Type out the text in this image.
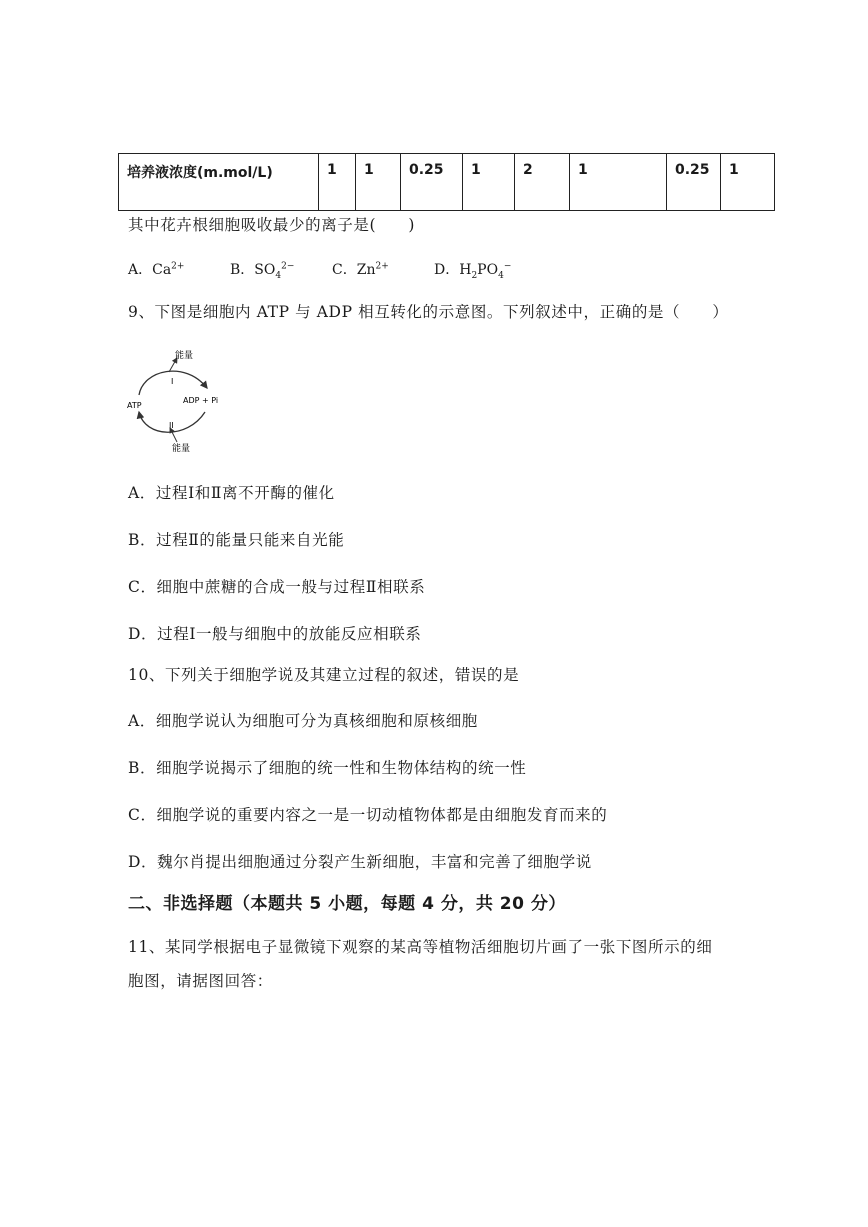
培养液浓度(m.mol/L)	1	1	0.25	1	2	1	0.25	1
其中花卉根细胞吸收最少的离子是(　　)
A．$Ca^{2+}$	B．$SO_4^{2-}$	C．$Zn^{2+}$	D．$H_2PO_4^-$
9、下图是细胞内 ATP 与 ADP 相互转化的示意图。下列叙述中，正确的是（　　）
能量
能量
ATP
ADP + Pi
I
II
A．过程Ⅰ和Ⅱ离不开酶的催化
B．过程Ⅱ的能量只能来自光能
C．细胞中蔗糖的合成一般与过程Ⅱ相联系
D．过程Ⅰ一般与细胞中的放能反应相联系
10、下列关于细胞学说及其建立过程的叙述，错误的是
A．细胞学说认为细胞可分为真核细胞和原核细胞
B．细胞学说揭示了细胞的统一性和生物体结构的统一性
C．细胞学说的重要内容之一是一切动植物体都是由细胞发育而来的
D．魏尔肖提出细胞通过分裂产生新细胞，丰富和完善了细胞学说
二、非选择题（本题共 5 小题，每题 4 分，共 20 分）
11、某同学根据电子显微镜下观察的某高等植物活细胞切片画了一张下图所示的细
胞图，请据图回答：
